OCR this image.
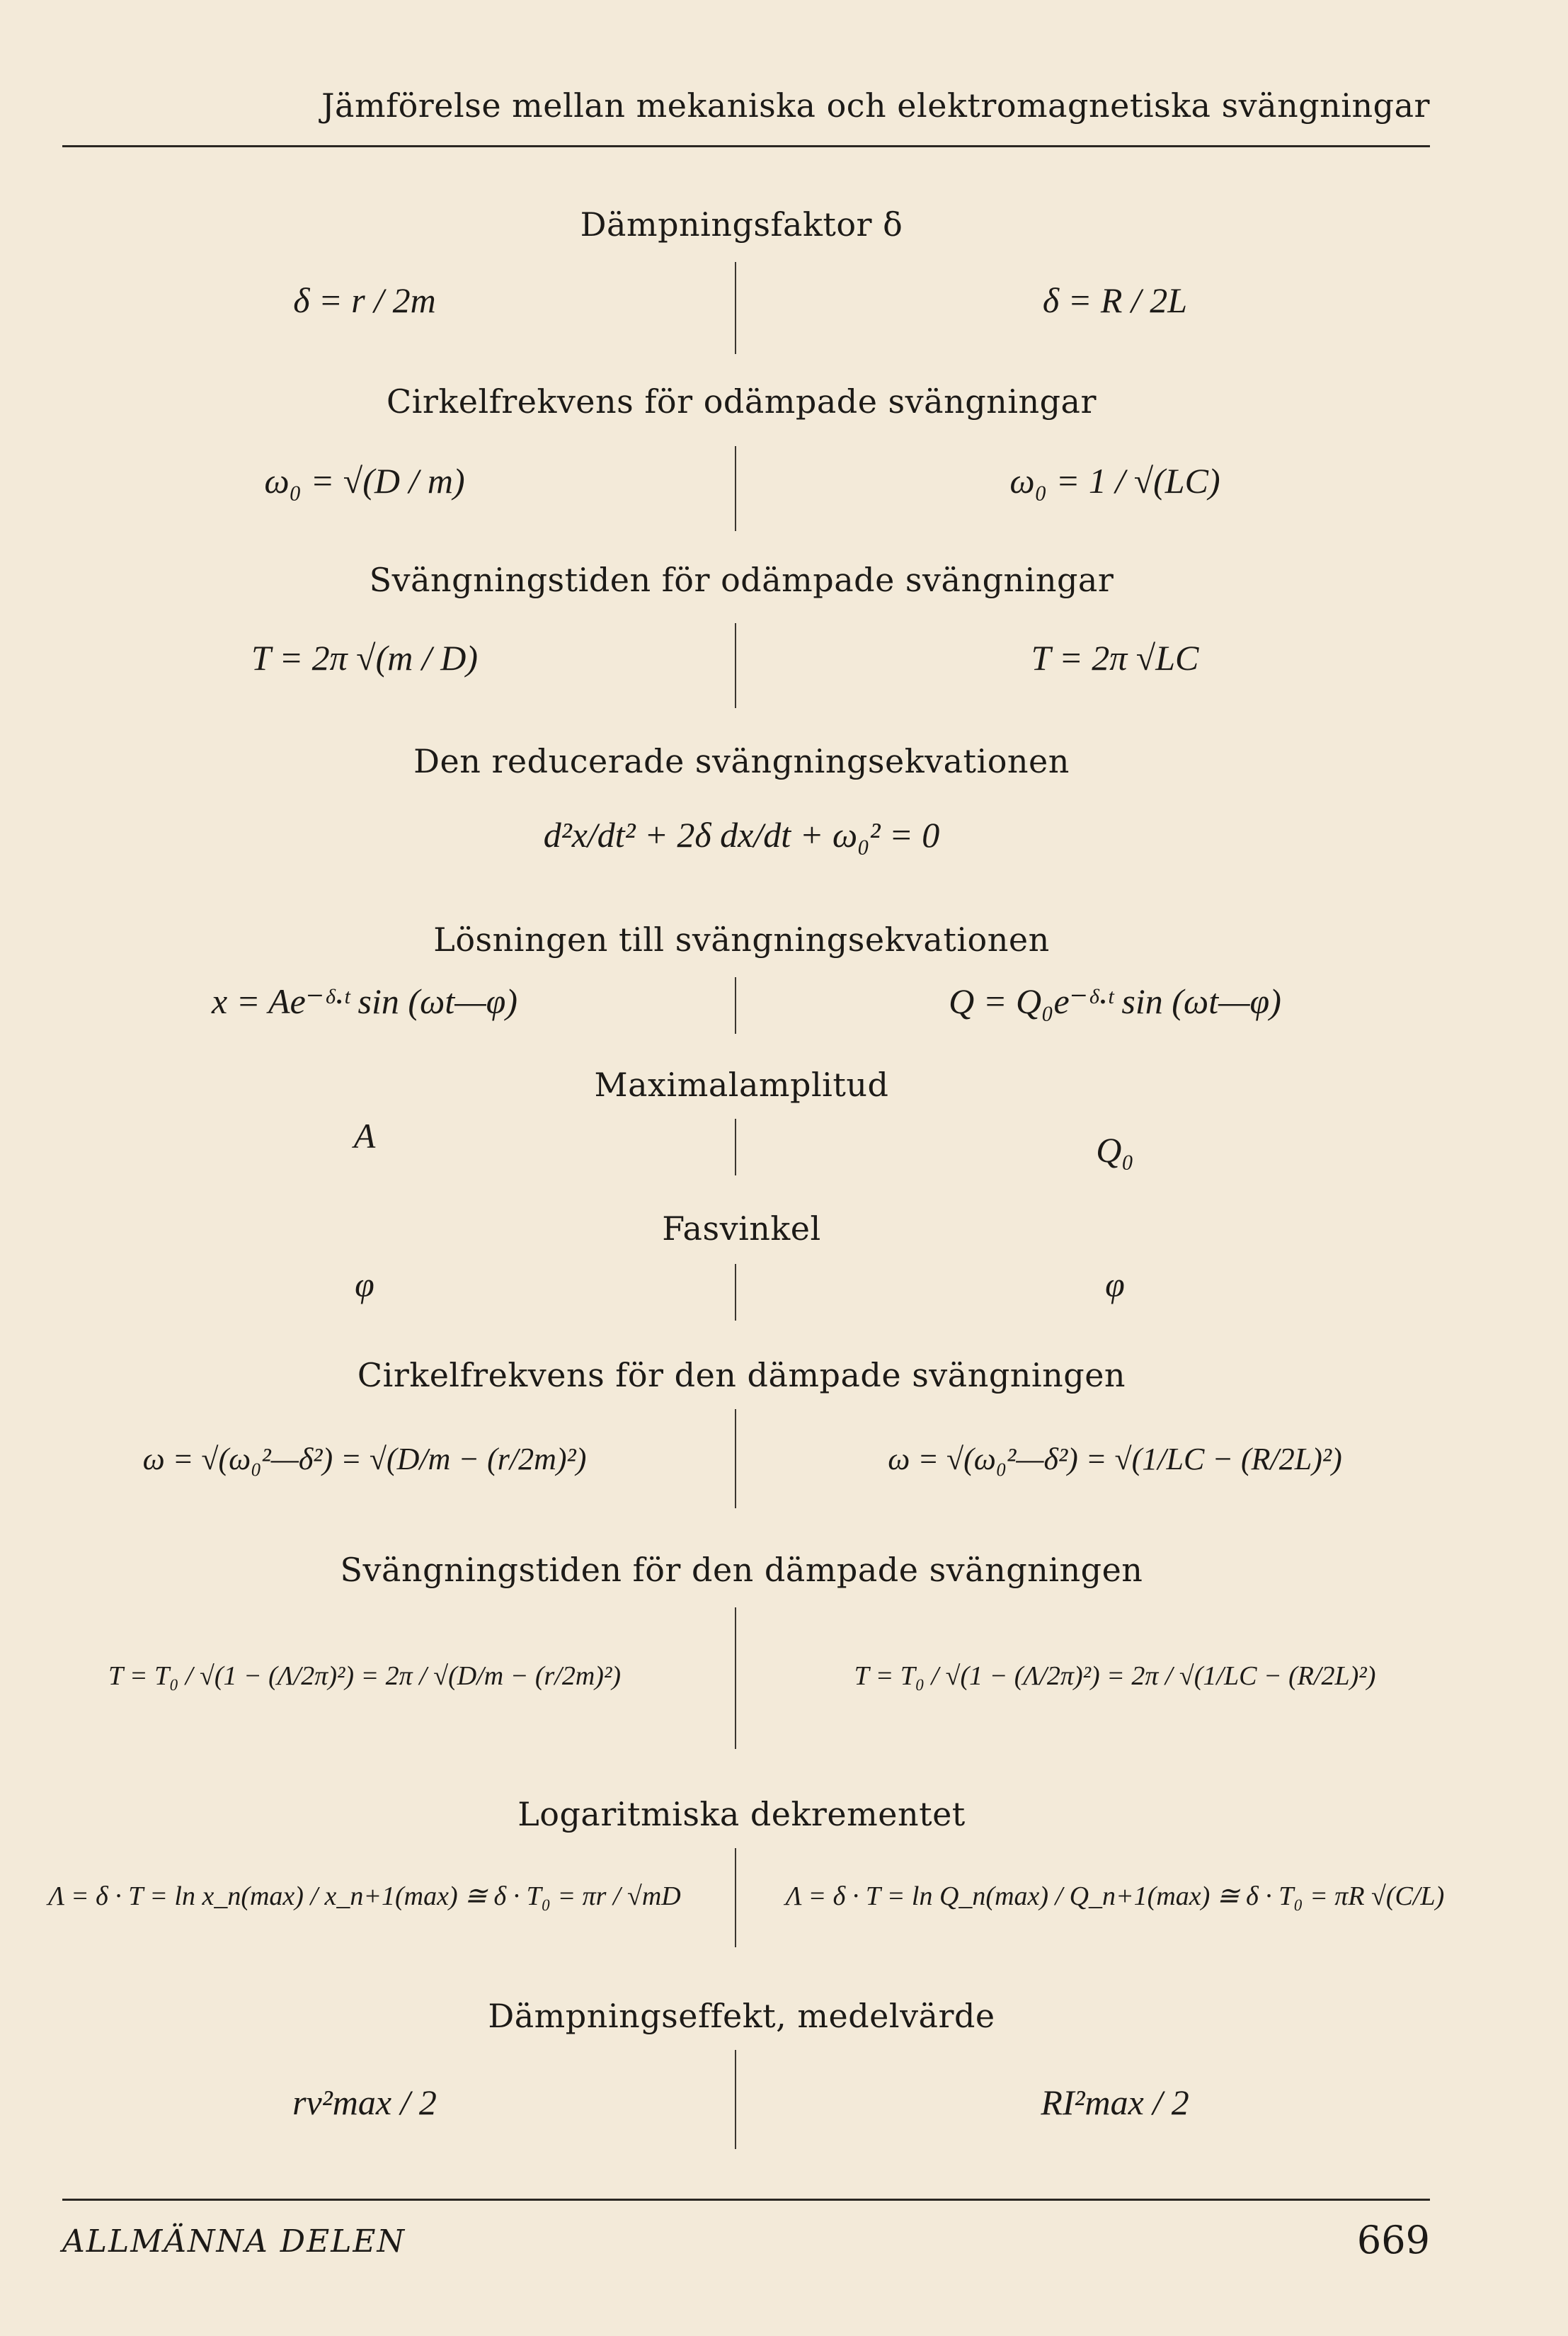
Jämförelse mellan mekaniska och elektromagnetiska svängningar
Dämpningsfaktor δ
δ = r / 2m	δ = R / 2L
Cirkelfrekvens för odämpade svängningar
ω₀ = √(D / m)	ω₀ = 1 / √(LC)
Svängningstiden för odämpade svängningar
T = 2π √(m / D)	T = 2π √LC
Den reducerade svängningsekvationen
d²x/dt² + 2δ dx/dt + ω₀² = 0
Lösningen till svängningsekvationen
x = Ae⁻ᵟ·ᵗ sin (ωt—φ)	Q = Q₀e⁻ᵟ·ᵗ sin (ωt—φ)
Maximalamplitud
A	Q₀
Fasvinkel
φ	φ
Cirkelfrekvens för den dämpade svängningen
ω = √(ω₀²—δ²) = √(D/m − (r/2m)²)	ω = √(ω₀²—δ²) = √(1/LC − (R/2L)²)
Svängningstiden för den dämpade svängningen
T = T₀ / √(1 − (Λ/2π)²) = 2π / √(D/m − (r/2m)²)	T = T₀ / √(1 − (Λ/2π)²) = 2π / √(1/LC − (R/2L)²)
Logaritmiska dekrementet
Λ = δ · T = ln x_n(max) / x_n+1(max) ≅ δ · T₀ = πr / √mD	Λ = δ · T = ln Q_n(max) / Q_n+1(max) ≅ δ · T₀ = πR √(C/L)
Dämpningseffekt, medelvärde
rv²max / 2	RI²max / 2
ALLMÄNNA DELEN	669
